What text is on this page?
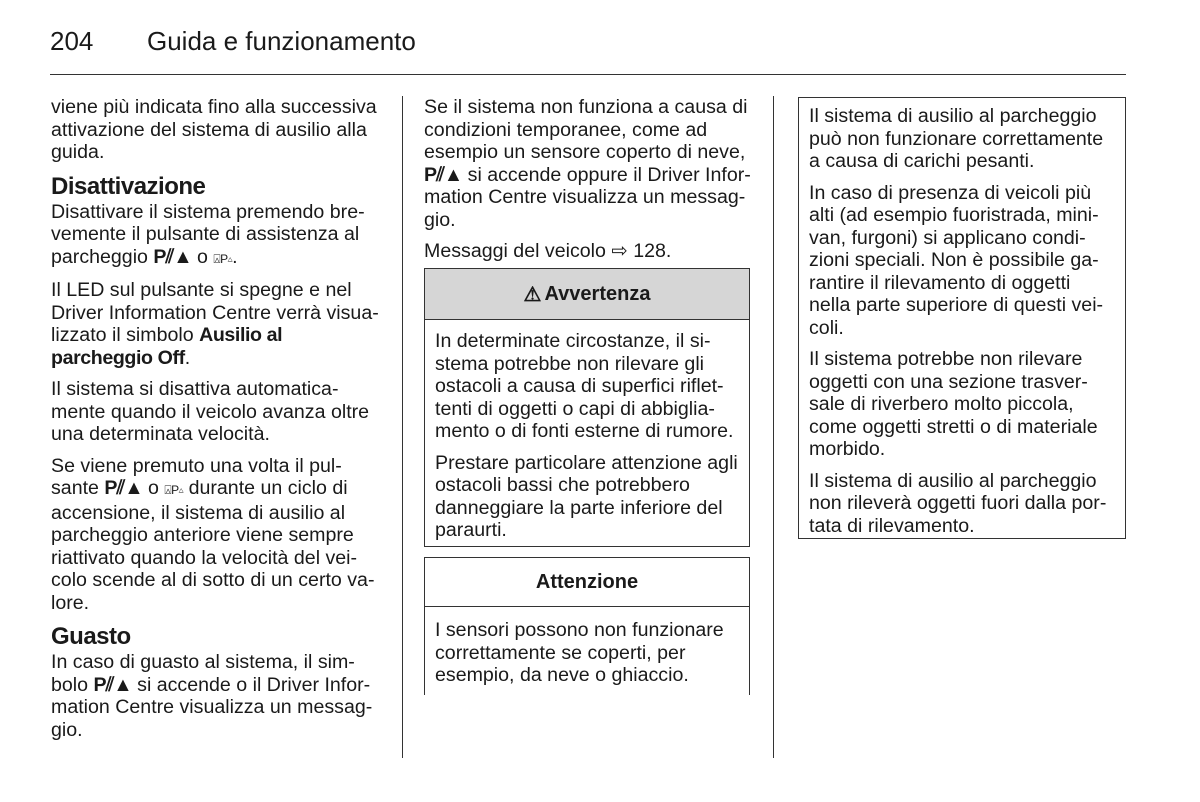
204 Guida e funzionamento

viene più indicata fino alla successiva attivazione del sistema di ausilio alla guida.

Disattivazione

Disattivare il sistema premendo bre-vemente il pulsante di assistenza al parcheggio P⫽▲ o ⍓P▵.

Il LED sul pulsante si spegne e nel Driver Information Centre verrà visua-lizzato il simbolo Ausilio al parcheggio Off.

Il sistema si disattiva automatica-mente quando il veicolo avanza oltre una determinata velocità.

Se viene premuto una volta il pul-sante P⫽▲ o ⍓P▵ durante un ciclo di accensione, il sistema di ausilio al parcheggio anteriore viene sempre riattivato quando la velocità del vei-colo scende al di sotto di un certo va-lore.

Guasto

In caso di guasto al sistema, il sim-bolo P⫽▲ si accende o il Driver Infor-mation Centre visualizza un messag-gio.

Se il sistema non funziona a causa di condizioni temporanee, come ad esempio un sensore coperto di neve, P⫽▲ si accende oppure il Driver Infor-mation Centre visualizza un messag-gio.

Messaggi del veicolo ⇨ 128.

⚠ Avvertenza

In determinate circostanze, il si-stema potrebbe non rilevare gli ostacoli a causa di superfici riflet-tenti di oggetti o capi di abbiglia-mento o di fonti esterne di rumore.

Prestare particolare attenzione agli ostacoli bassi che potrebbero danneggiare la parte inferiore del paraurti.

Attenzione

I sensori possono non funzionare correttamente se coperti, per esempio, da neve o ghiaccio.

Il sistema di ausilio al parcheggio può non funzionare correttamente a causa di carichi pesanti.

In caso di presenza di veicoli più alti (ad esempio fuoristrada, mini-van, furgoni) si applicano condi-zioni speciali. Non è possibile ga-rantire il rilevamento di oggetti nella parte superiore di questi vei-coli.

Il sistema potrebbe non rilevare oggetti con una sezione trasver-sale di riverbero molto piccola, come oggetti stretti o di materiale morbido.

Il sistema di ausilio al parcheggio non rileverà oggetti fuori dalla por-tata di rilevamento.
